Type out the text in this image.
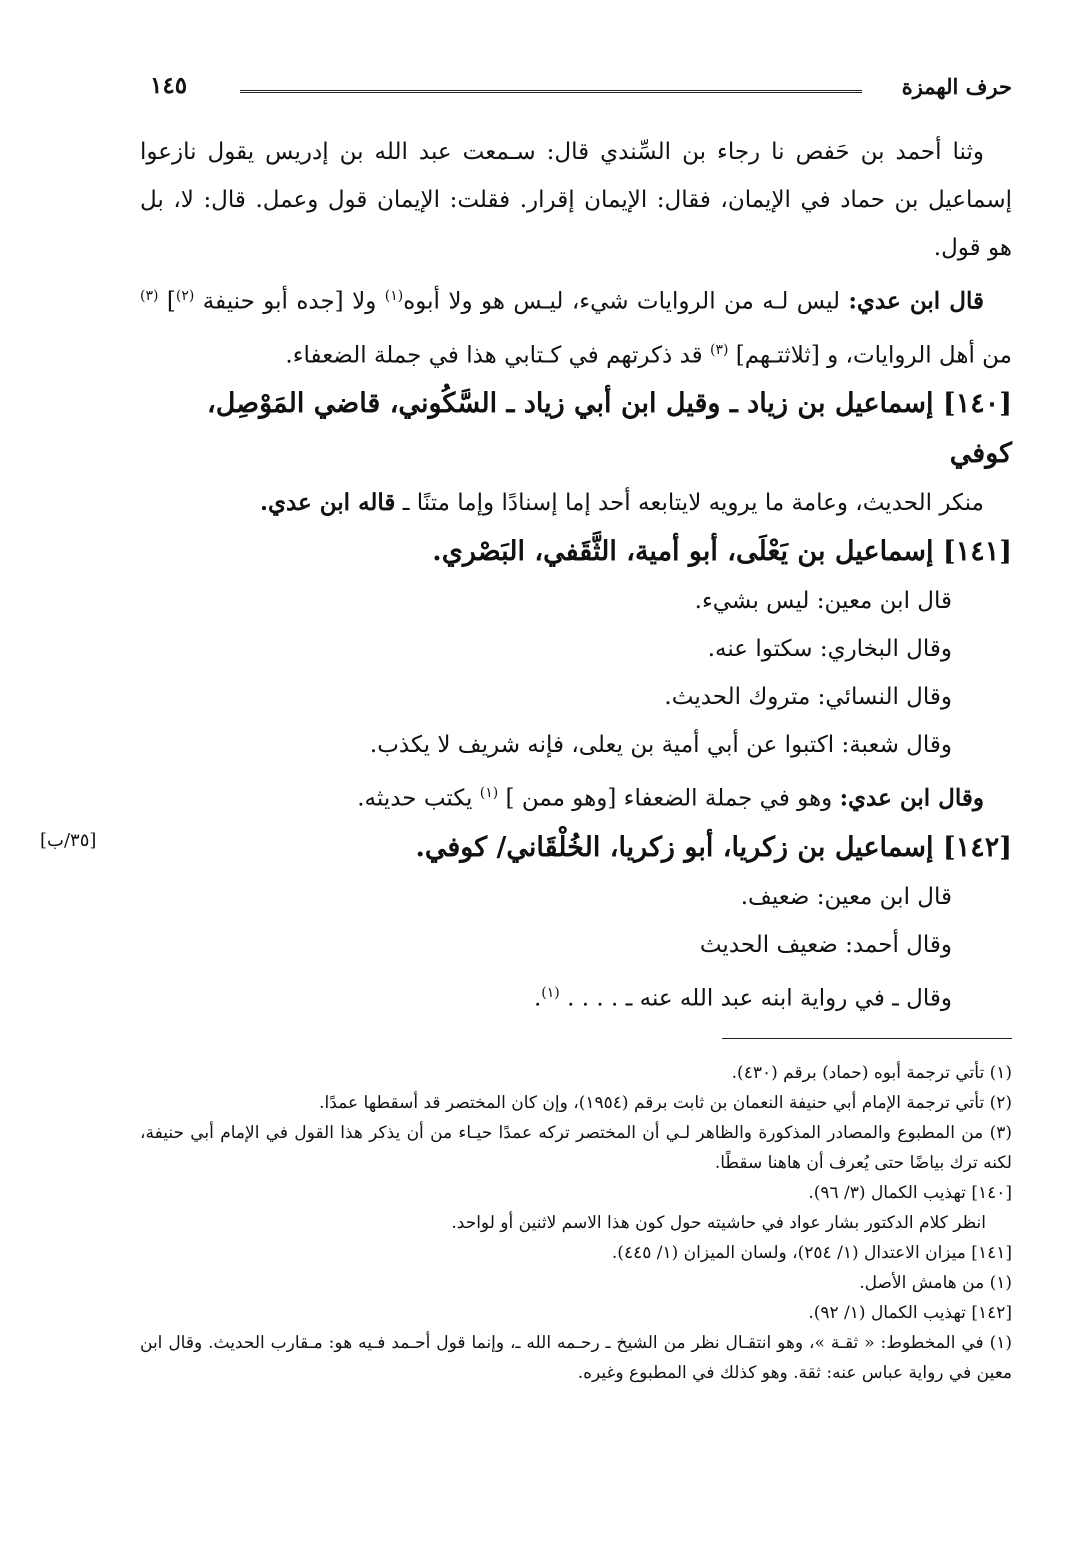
حرف الهمزة
١٤٥

وثنا أحمد بن حَفص نا رجاء بن السِّندي قال: سـمعت عبد الله بن إدريس يقول نازعوا إسماعيل بن حماد في الإيمان، فقال: الإيمان إقرار. فقلت: الإيمان قول وعمل. قال: لا، بل هو قول.

قال ابن عدي: ليس لـه من الروايات شيء، ليـس هو ولا أبوه$^{(١)}$ ولا [جده أبو حنيفة $^{(٢)}$] $^{(٣)}$ من أهل الروايات، و [ثلاثتـهم] $^{(٣)}$ قد ذكرتهم في كـتابي هذا في جملة الضعفاء.

[١٤٠] إسماعيل بن زياد ـ وقيل ابن أبي زياد ـ السَّكُوني، قاضي المَوْصِل، كوفي

منكر الحديث، وعامة ما يرويه لايتابعه أحد إما إسنادًا وإما متنًا ـ قاله ابن عدي.

[١٤١] إسماعيل بن يَعْلَى، أبو أمية، الثَّقَفي، البَصْري.

قال ابن معين: ليس بشيء.

وقال البخاري: سكتوا عنه.

وقال النسائي: متروك الحديث.

وقال شعبة: اكتبوا عن أبي أمية بن يعلى، فإنه شريف لا يكذب.

وقال ابن عدي: وهو في جملة الضعفاء [وهو ممن ] $^{(١)}$ يكتب حديثه.

[١٤٢] إسماعيل بن زكريا، أبو زكريا، الخُلْقَاني/ كوفي.

قال ابن معين: ضعيف.

وقال أحمد: ضعيف الحديث

وقال ـ في رواية ابنه عبد الله عنه ـ . . . . $^{(١)}$.

[٣٥/ب]

(١) تأتي ترجمة أبوه (حماد) برقم (٤٣٠).

(٢) تأتي ترجمة الإمام أبي حنيفة النعمان بن ثابت برقم (١٩٥٤)، وإن كان المختصر قد أسقطها عمدًا.

(٣) من المطبوع والمصادر المذكورة والظاهر لـي أن المختصر تركه عمدًا حيـاء من أن يذكر هذا القول في الإمام أبي حنيفة، لكنه ترك بياضًا حتى يُعرف أن هاهنا سقطًا.

[١٤٠] تهذيب الكمال (٣/ ٩٦).

انظر كلام الدكتور بشار عواد في حاشيته حول كون هذا الاسم لاثنين أو لواحد.

[١٤١] ميزان الاعتدال (١/ ٢٥٤)، ولسان الميزان (١/ ٤٤٥).

(١) من هامش الأصل.

[١٤٢] تهذيب الكمال (١/ ٩٢).

(١) في المخطوط: « ثقـة »، وهو انتقـال نظر من الشيخ ـ رحـمه الله ـ، وإنما قول أحـمد فـيه هو: مـقارب الحديث. وقال ابن معين في رواية عباس عنه: ثقة. وهو كذلك في المطبوع وغيره.
